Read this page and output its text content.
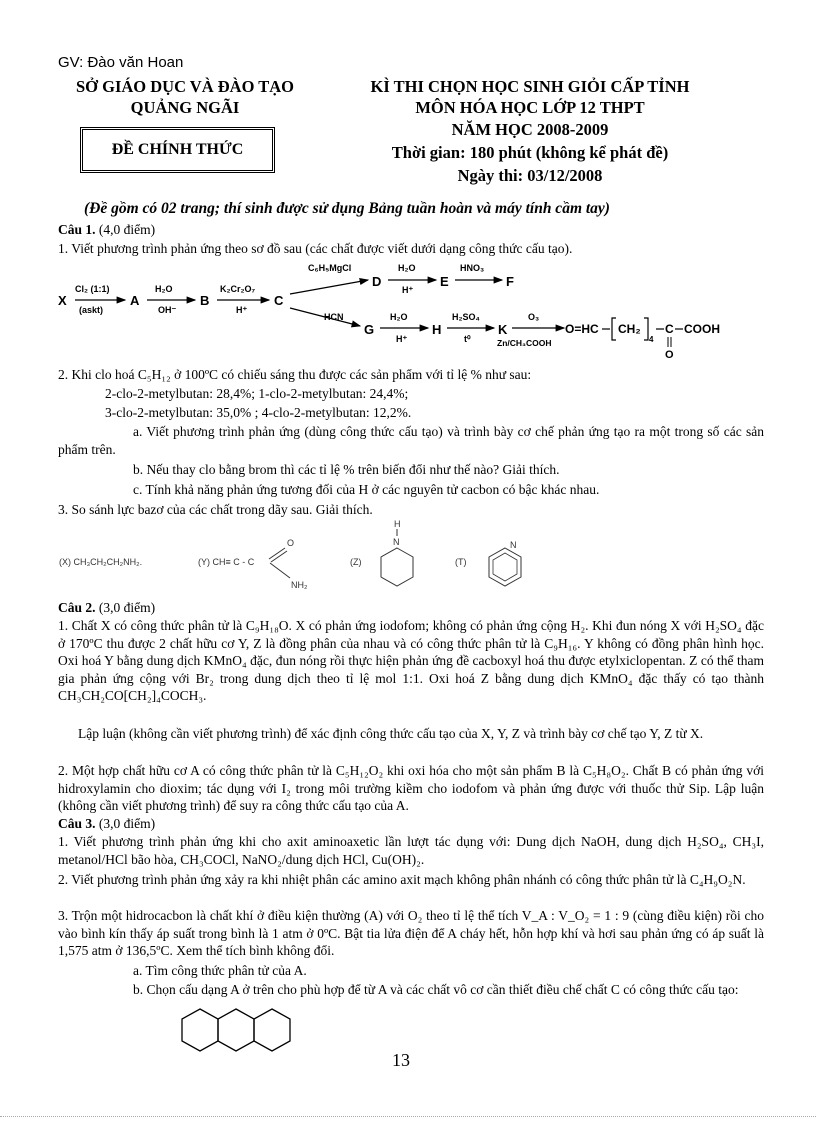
GV: Đào văn Hoan
SỞ GIÁO DỤC VÀ ĐÀO TẠO
QUẢNG NGÃI
ĐỀ CHÍNH THỨC
KÌ THI CHỌN HỌC SINH GIỎI CẤP TỈNH
MÔN HÓA HỌC LỚP 12 THPT
NĂM HỌC 2008-2009
Thời gian: 180 phút (không kể phát đề)
Ngày thi: 03/12/2008
(Đề gồm có 02 trang; thí sinh được sử dụng Bảng tuần hoàn và máy tính cầm tay)
Câu 1. (4,0 điểm)
1. Viết phương trình phản ứng theo sơ đồ sau (các chất được viết dưới dạng công thức cấu tạo).
X
Cl₂ (1:1)
(askt)
A
H₂O
OH⁻
B
K₂Cr₂O₇
H⁺
C
C₆H₅MgCl
D
H₂O
H⁺
E
HNO₃
F
HCN
G
H₂O
H⁺
H
H₂SO₄
t⁰
K
O₃
Zn/CH₃COOH
O=HC CH₂
4
C
O
COOH
2. Khi clo hoá C₅H₁₂ ở 100ºC có chiếu sáng thu được các sản phẩm với tỉ lệ % như sau:
2-clo-2-metylbutan: 28,4%; 1-clo-2-metylbutan: 24,4%;
3-clo-2-metylbutan: 35,0% ; 4-clo-2-metylbutan: 12,2%.
a. Viết phương trình phản ứng (dùng công thức cấu tạo) và trình bày cơ chế phản ứng tạo ra một trong số các sản phẩm trên.
b. Nếu thay clo bằng brom thì các tỉ lệ % trên biến đổi như thế nào? Giải thích.
c. Tính khả năng phản ứng tương đối của H ở các nguyên tử cacbon có bậc khác nhau.
3. So sánh lực bazơ của các chất trong dãy sau. Giải thích.
(X) CH₃CH₂CH₂NH₂.	(Y) CH≡ C - C
O
NH₂
(Z)
H
N
(T)
N
Câu 2. (3,0 điểm)
1. Chất X có công thức phân tử là C₉H₁₈O. X có phản ứng iodofom; không có phản ứng cộng H₂. Khi đun nóng X với H₂SO₄ đặc ở 170ºC thu được 2 chất hữu cơ Y, Z là đồng phân của nhau và có công thức phân tử là C₉H₁₆. Y không có đồng phân hình học. Oxi hoá Y bằng dung dịch KMnO₄ đặc, đun nóng rồi thực hiện phản ứng đề cacboxyl hoá thu được etylxiclopentan. Z có thể tham gia phản ứng cộng với Br₂ trong dung dịch theo tỉ lệ mol 1:1. Oxi hoá Z bằng dung dịch KMnO₄ đặc thấy có tạo thành CH₃CH₂CO[CH₂]₄COCH₃.
Lập luận (không cần viết phương trình) để xác định công thức cấu tạo của X, Y, Z và trình bày cơ chế tạo Y, Z từ X.
2. Một hợp chất hữu cơ A có công thức phân tử là C₅H₁₂O₂ khi oxi hóa cho một sản phẩm B là C₅H₈O₂. Chất B có phản ứng với hidroxylamin cho dioxim; tác dụng với I₂ trong môi trường kiềm cho iodofom và phản ứng được với thuốc thử Sip. Lập luận (không cần viết phương trình) để suy ra công thức cấu tạo của A.
Câu 3. (3,0 điểm)
1. Viết phương trình phản ứng khi cho axit aminoaxetic lần lượt tác dụng với: Dung dịch NaOH, dung dịch H₂SO₄, CH₃I, metanol/HCl bão hòa, CH₃COCl, NaNO₂/dung dịch HCl, Cu(OH)₂.
2. Viết phương trình phản ứng xảy ra khi nhiệt phân các amino axit mạch không phân nhánh có công thức phân tử là C₄H₉O₂N.
3. Trộn một hidrocacbon là chất khí ở điều kiện thường (A) với O₂ theo tỉ lệ thể tích V_A : V_O₂ = 1 : 9 (cùng điều kiện) rồi cho vào bình kín thấy áp suất trong bình là 1 atm ở 0ºC. Bật tia lửa điện để A cháy hết, hỗn hợp khí và hơi sau phản ứng có áp suất là 1,575 atm ở 136,5ºC. Xem thể tích bình không đổi.
a. Tìm công thức phân tử của A.
b. Chọn cấu dạng A ở trên cho phù hợp để từ A và các chất vô cơ cần thiết điều chế chất C có công thức cấu tạo:
13
